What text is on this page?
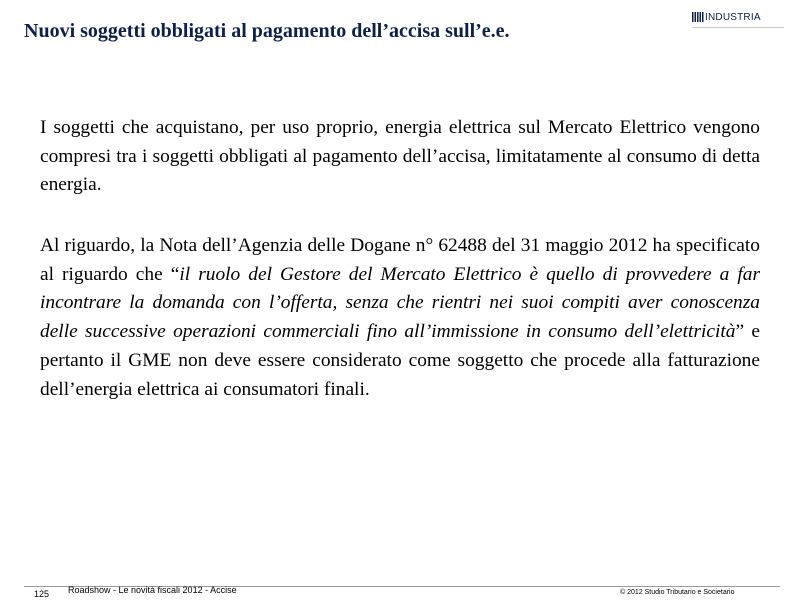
Nuovi soggetti obbligati al pagamento dell’accisa sull’e.e.
INDUSTRIA
I soggetti che acquistano, per uso proprio, energia elettrica sul Mercato Elettrico vengono compresi tra i soggetti obbligati al pagamento dell’accisa, limitatamente al consumo di detta energia.
Al riguardo, la Nota dell’Agenzia delle Dogane n° 62488 del 31 maggio 2012 ha specificato al riguardo che “il ruolo del Gestore del Mercato Elettrico è quello di provvedere a far incontrare la domanda con l’offerta, senza che rientri nei suoi compiti aver conoscenza delle successive operazioni commerciali fino all’immissione in consumo dell’elettricità” e pertanto il GME non deve essere considerato come soggetto che procede alla fatturazione dell’energia elettrica ai consumatori finali.
125 Roadshow - Le novità fiscali 2012 - Accise	© 2012 Studio Tributario e Societario
